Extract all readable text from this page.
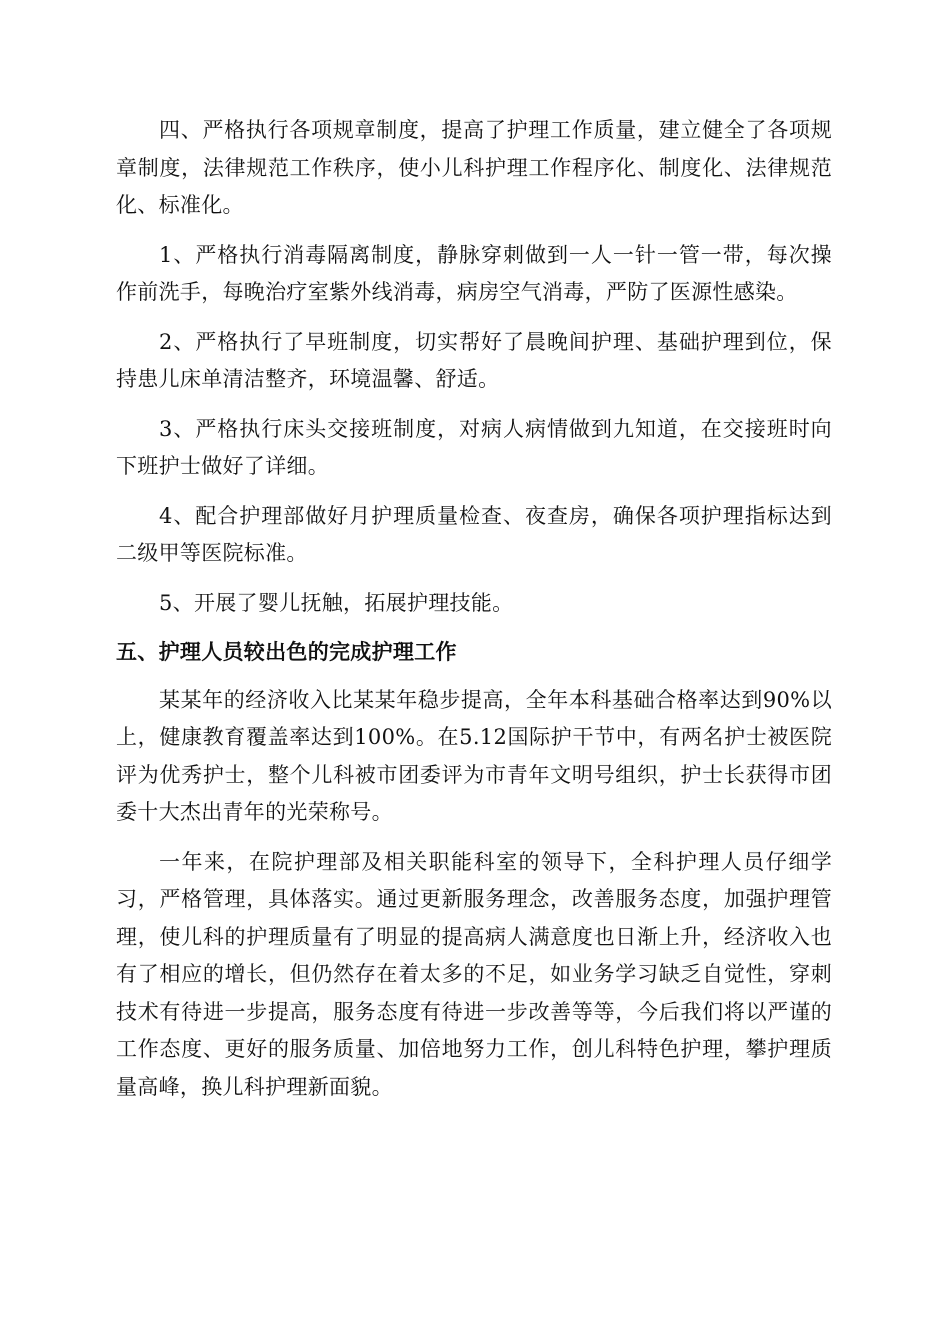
四、严格执行各项规章制度，提高了护理工作质量，建立健全了各项规章制度，法律规范工作秩序，使小儿科护理工作程序化、制度化、法律规范化、标准化。

1、严格执行消毒隔离制度，静脉穿刺做到一人一针一管一带，每次操作前洗手，每晚治疗室紫外线消毒，病房空气消毒，严防了医源性感染。

2、严格执行了早班制度，切实帮好了晨晚间护理、基础护理到位，保持患儿床单清洁整齐，环境温馨、舒适。

3、严格执行床头交接班制度，对病人病情做到九知道，在交接班时向下班护士做好了详细。

4、配合护理部做好月护理质量检查、夜查房，确保各项护理指标达到二级甲等医院标准。

5、开展了婴儿抚触，拓展护理技能。

五、护理人员较出色的完成护理工作

某某年的经济收入比某某年稳步提高，全年本科基础合格率达到90%以上，健康教育覆盖率达到100%。在5.12国际护干节中，有两名护士被医院评为优秀护士，整个儿科被市团委评为市青年文明号组织，护士长获得市团委十大杰出青年的光荣称号。

一年来，在院护理部及相关职能科室的领导下，全科护理人员仔细学习，严格管理，具体落实。通过更新服务理念，改善服务态度，加强护理管理，使儿科的护理质量有了明显的提高病人满意度也日渐上升，经济收入也有了相应的增长，但仍然存在着太多的不足，如业务学习缺乏自觉性，穿刺技术有待进一步提高，服务态度有待进一步改善等等，今后我们将以严谨的工作态度、更好的服务质量、加倍地努力工作，创儿科特色护理，攀护理质量高峰，换儿科护理新面貌。
